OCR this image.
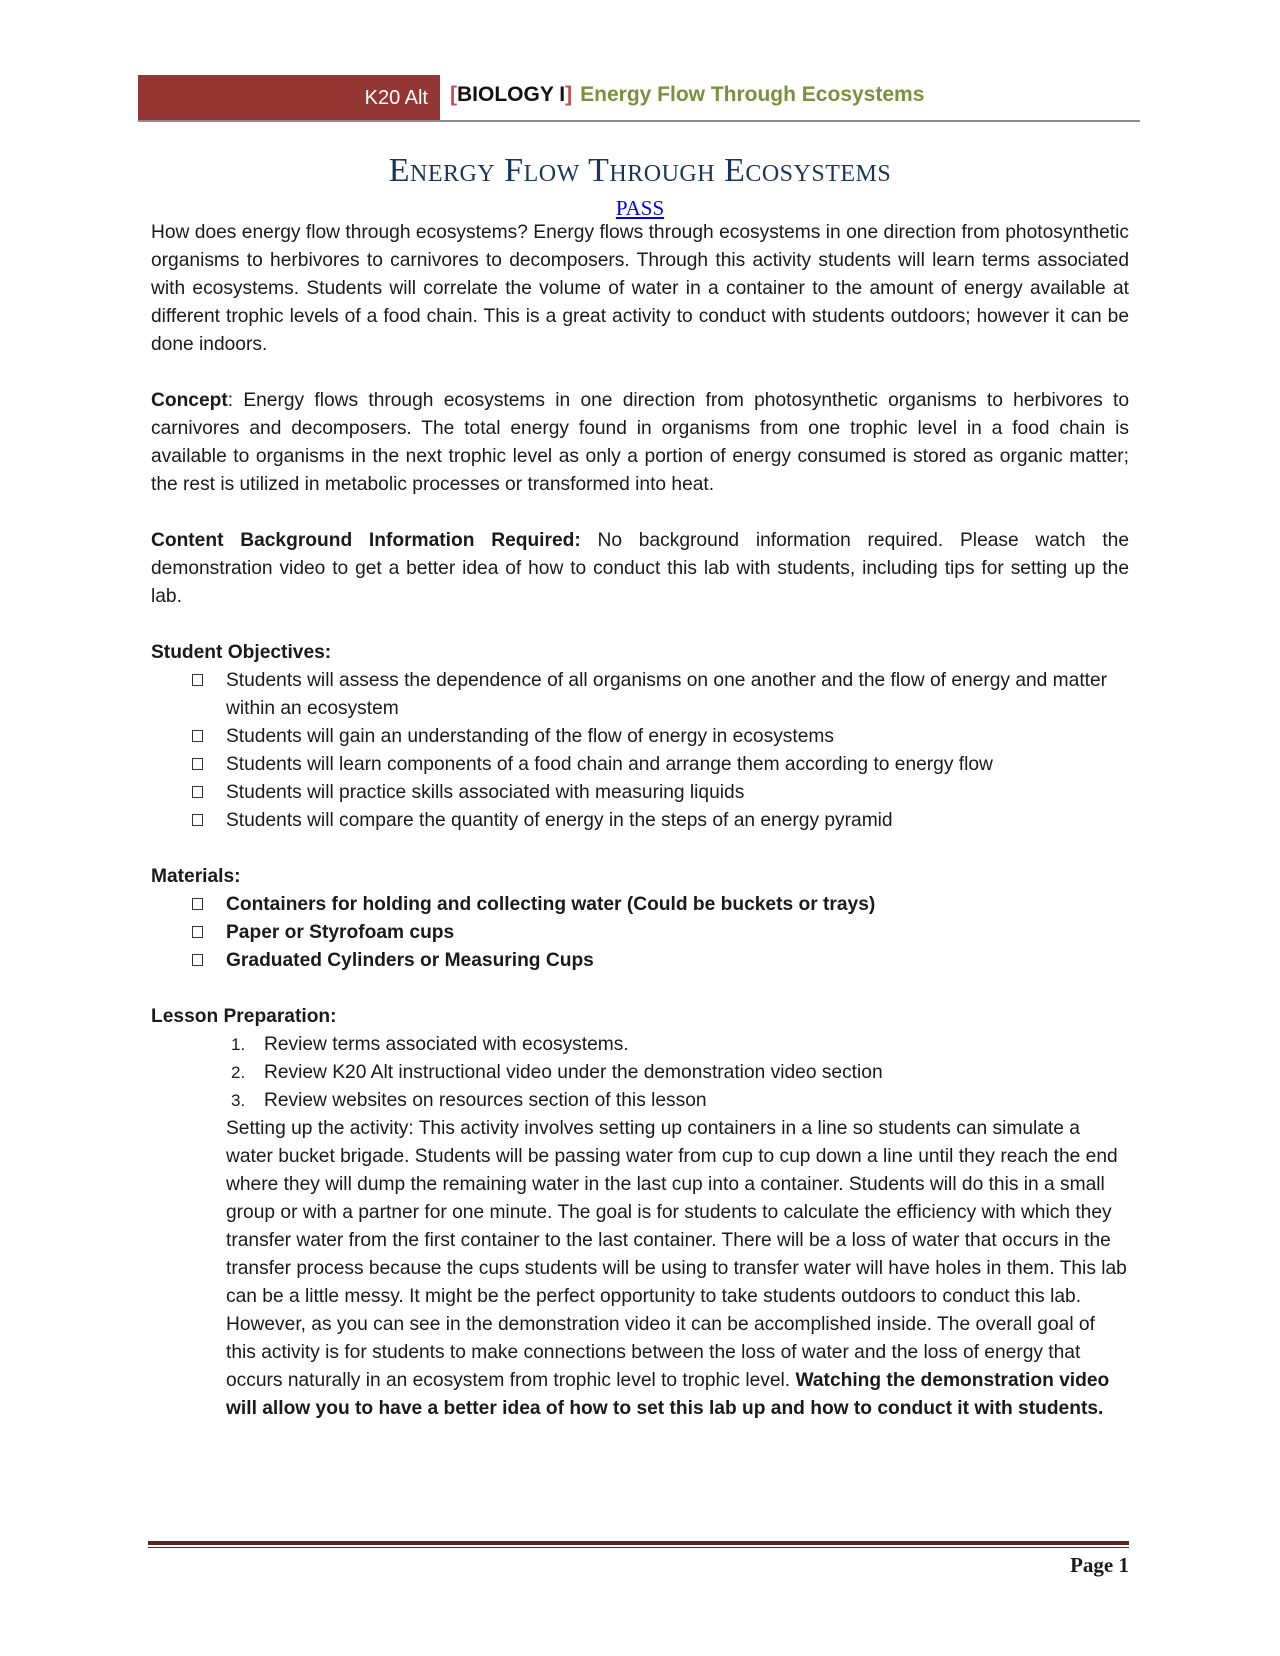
K20 Alt	[BIOLOGY I] Energy Flow Through Ecosystems
Energy Flow Through Ecosystems
PASS

How does energy flow through ecosystems? Energy flows through ecosystems in one direction from photosynthetic organisms to herbivores to carnivores to decomposers. Through this activity students will learn terms associated with ecosystems. Students will correlate the volume of water in a container to the amount of energy available at different trophic levels of a food chain. This is a great activity to conduct with students outdoors; however it can be done indoors.

Concept: Energy flows through ecosystems in one direction from photosynthetic organisms to herbivores to carnivores and decomposers. The total energy found in organisms from one trophic level in a food chain is available to organisms in the next trophic level as only a portion of energy consumed is stored as organic matter; the rest is utilized in metabolic processes or transformed into heat.

Content Background Information Required: No background information required. Please watch the demonstration video to get a better idea of how to conduct this lab with students, including tips for setting up the lab.

Student Objectives:
Students will assess the dependence of all organisms on one another and the flow of energy and matter within an ecosystem
Students will gain an understanding of the flow of energy in ecosystems
Students will learn components of a food chain and arrange them according to energy flow
Students will practice skills associated with measuring liquids
Students will compare the quantity of energy in the steps of an energy pyramid
Materials:
Containers for holding and collecting water (Could be buckets or trays)
Paper or Styrofoam cups
Graduated Cylinders or Measuring Cups
Lesson Preparation:
1. Review terms associated with ecosystems.
2. Review K20 Alt instructional video under the demonstration video section
3. Review websites on resources section of this lesson

Setting up the activity: This activity involves setting up containers in a line so students can simulate a water bucket brigade. Students will be passing water from cup to cup down a line until they reach the end where they will dump the remaining water in the last cup into a container. Students will do this in a small group or with a partner for one minute. The goal is for students to calculate the efficiency with which they transfer water from the first container to the last container. There will be a loss of water that occurs in the transfer process because the cups students will be using to transfer water will have holes in them. This lab can be a little messy. It might be the perfect opportunity to take students outdoors to conduct this lab. However, as you can see in the demonstration video it can be accomplished inside. The overall goal of this activity is for students to make connections between the loss of water and the loss of energy that occurs naturally in an ecosystem from trophic level to trophic level. Watching the demonstration video will allow you to have a better idea of how to set this lab up and how to conduct it with students.

Page 1
